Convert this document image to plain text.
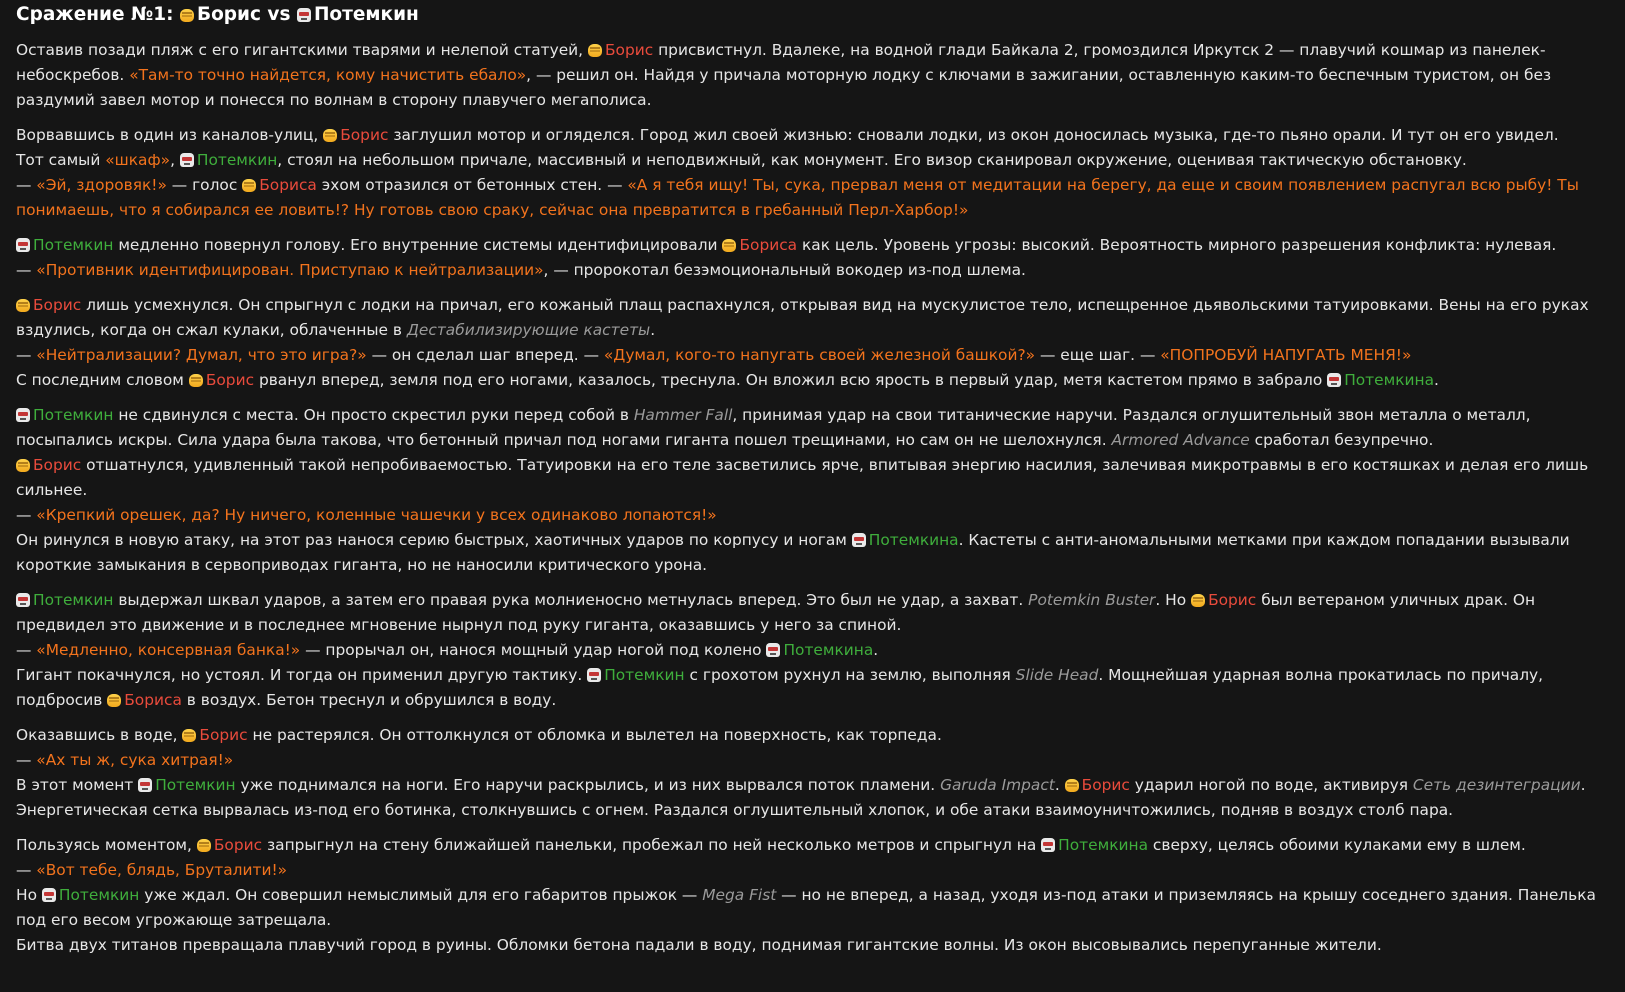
Сражение №1: Борис vs Потемкин
Оставив позади пляж с его гигантскими тварями и нелепой статуей, Борис присвистнул. Вдалеке, на водной глади Байкала 2, громоздился Иркутск 2 — плавучий кошмар из панелек-небоскребов. «Там-то точно найдется, кому начистить ебало», — решил он. Найдя у причала моторную лодку с ключами в зажигании, оставленную каким-то беспечным туристом, он без раздумий завел мотор и понесся по волнам в сторону плавучего мегаполиса.
Ворвавшись в один из каналов-улиц, Борис заглушил мотор и огляделся. Город жил своей жизнью: сновали лодки, из окон доносилась музыка, где-то пьяно орали. И тут он его увидел.
Тот самый «шкаф», Потемкин, стоял на небольшом причале, массивный и неподвижный, как монумент. Его визор сканировал окружение, оценивая тактическую обстановку.
— «Эй, здоровяк!» — голос Бориса эхом отразился от бетонных стен. — «А я тебя ищу! Ты, сука, прервал меня от медитации на берегу, да еще и своим появлением распугал всю рыбу! Ты понимаешь, что я собирался ее ловить!? Ну готовь свою сраку, сейчас она превратится в гребанный Перл-Харбор!»
Потемкин медленно повернул голову. Его внутренние системы идентифицировали Бориса как цель. Уровень угрозы: высокий. Вероятность мирного разрешения конфликта: нулевая.
— «Противник идентифицирован. Приступаю к нейтрализации», — пророкотал безэмоциональный вокодер из-под шлема.
Борис лишь усмехнулся. Он спрыгнул с лодки на причал, его кожаный плащ распахнулся, открывая вид на мускулистое тело, испещренное дьявольскими татуировками. Вены на его руках вздулись, когда он сжал кулаки, облаченные в Дестабилизирующие кастеты.
— «Нейтрализации? Думал, что это игра?» — он сделал шаг вперед. — «Думал, кого-то напугать своей железной башкой?» — еще шаг. — «ПОПРОБУЙ НАПУГАТЬ МЕНЯ!»
С последним словом Борис рванул вперед, земля под его ногами, казалось, треснула. Он вложил всю ярость в первый удар, метя кастетом прямо в забрало Потемкина.
Потемкин не сдвинулся с места. Он просто скрестил руки перед собой в Hammer Fall, принимая удар на свои титанические наручи. Раздался оглушительный звон металла о металл, посыпались искры. Сила удара была такова, что бетонный причал под ногами гиганта пошел трещинами, но сам он не шелохнулся. Armored Advance сработал безупречно.
Борис отшатнулся, удивленный такой непробиваемостью. Татуировки на его теле засветились ярче, впитывая энергию насилия, залечивая микротравмы в его костяшках и делая его лишь сильнее.
— «Крепкий орешек, да? Ну ничего, коленные чашечки у всех одинаково лопаются!»
Он ринулся в новую атаку, на этот раз нанося серию быстрых, хаотичных ударов по корпусу и ногам Потемкина. Кастеты с анти-аномальными метками при каждом попадании вызывали короткие замыкания в сервоприводах гиганта, но не наносили критического урона.
Потемкин выдержал шквал ударов, а затем его правая рука молниеносно метнулась вперед. Это был не удар, а захват. Potemkin Buster. Но Борис был ветераном уличных драк. Он предвидел это движение и в последнее мгновение нырнул под руку гиганта, оказавшись у него за спиной.
— «Медленно, консервная банка!» — прорычал он, нанося мощный удар ногой под колено Потемкина.
Гигант покачнулся, но устоял. И тогда он применил другую тактику. Потемкин с грохотом рухнул на землю, выполняя Slide Head. Мощнейшая ударная волна прокатилась по причалу, подбросив Бориса в воздух. Бетон треснул и обрушился в воду.
Оказавшись в воде, Борис не растерялся. Он оттолкнулся от обломка и вылетел на поверхность, как торпеда.
— «Ах ты ж, сука хитрая!»
В этот момент Потемкин уже поднимался на ноги. Его наручи раскрылись, и из них вырвался поток пламени. Garuda Impact. Борис ударил ногой по воде, активируя Сеть дезинтеграции. Энергетическая сетка вырвалась из-под его ботинка, столкнувшись с огнем. Раздался оглушительный хлопок, и обе атаки взаимоуничтожились, подняв в воздух столб пара.
Пользуясь моментом, Борис запрыгнул на стену ближайшей панельки, пробежал по ней несколько метров и спрыгнул на Потемкина сверху, целясь обоими кулаками ему в шлем.
— «Вот тебе, блядь, Бруталити!»
Но Потемкин уже ждал. Он совершил немыслимый для его габаритов прыжок — Mega Fist — но не вперед, а назад, уходя из-под атаки и приземляясь на крышу соседнего здания. Панелька под его весом угрожающе затрещала.
Битва двух титанов превращала плавучий город в руины. Обломки бетона падали в воду, поднимая гигантские волны. Из окон высовывались перепуганные жители.
